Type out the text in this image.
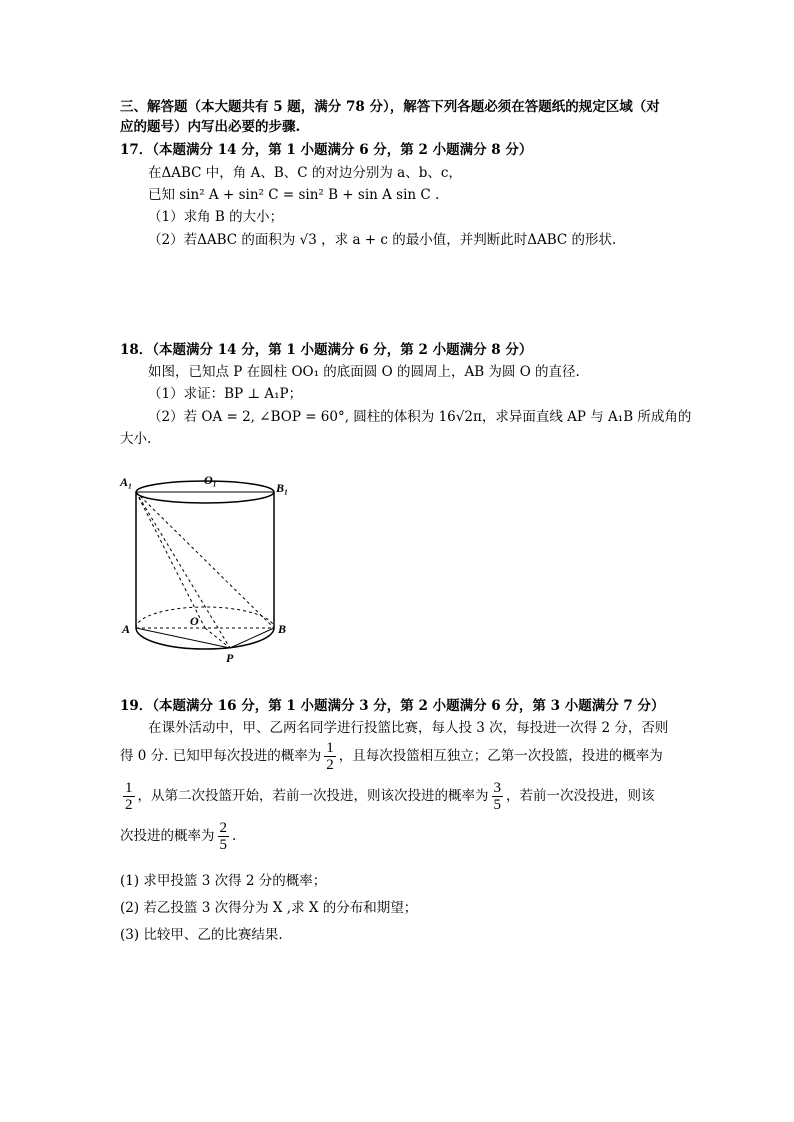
三、解答题（本大题共有 5 题，满分 78 分），解答下列各题必须在答题纸的规定区域（对
应的题号）内写出必要的步骤.
17．（本题满分 14 分，第 1 小题满分 6 分，第 2 小题满分 8 分）
在ΔABC 中，角 A、B、C 的对边分别为 a、b、c，
已知 sin² A + sin² C = sin² B + sin A sin C .
（1）求角 B 的大小；
（2）若ΔABC 的面积为 √3 ，求 a + c 的最小值，并判断此时ΔABC 的形状.
18．（本题满分 14 分，第 1 小题满分 6 分，第 2 小题满分 8 分）
如图，已知点 P 在圆柱 OO₁ 的底面圆 O 的圆周上，AB 为圆 O 的直径.
（1）求证：BP ⊥ A₁P；
（2）若 OA = 2, ∠BOP = 60°, 圆柱的体积为 16√2π，求异面直线 AP 与 A₁B 所成角的
大小.
A₁	O₁
B₁
A
O
B
P
19．（本题满分 16 分，第 1 小题满分 3 分，第 2 小题满分 6 分，第 3 小题满分 7 分）
在课外活动中，甲、乙两名同学进行投篮比赛，每人投 3 次，每投进一次得 2 分，否则
得 0 分. 已知甲每次投进的概率为 $\frac{1}{2}$ ，且每次投篮相互独立；乙第一次投篮，投进的概率为
$\frac{1}{2}$ ，从第二次投篮开始，若前一次投进，则该次投进的概率为 $\frac{3}{5}$ ，若前一次没投进，则该
次投进的概率为 $\frac{2}{5}$ .
(1) 求甲投篮 3 次得 2 分的概率；
(2) 若乙投篮 3 次得分为 X ,求 X 的分布和期望；
(3) 比较甲、乙的比赛结果.
